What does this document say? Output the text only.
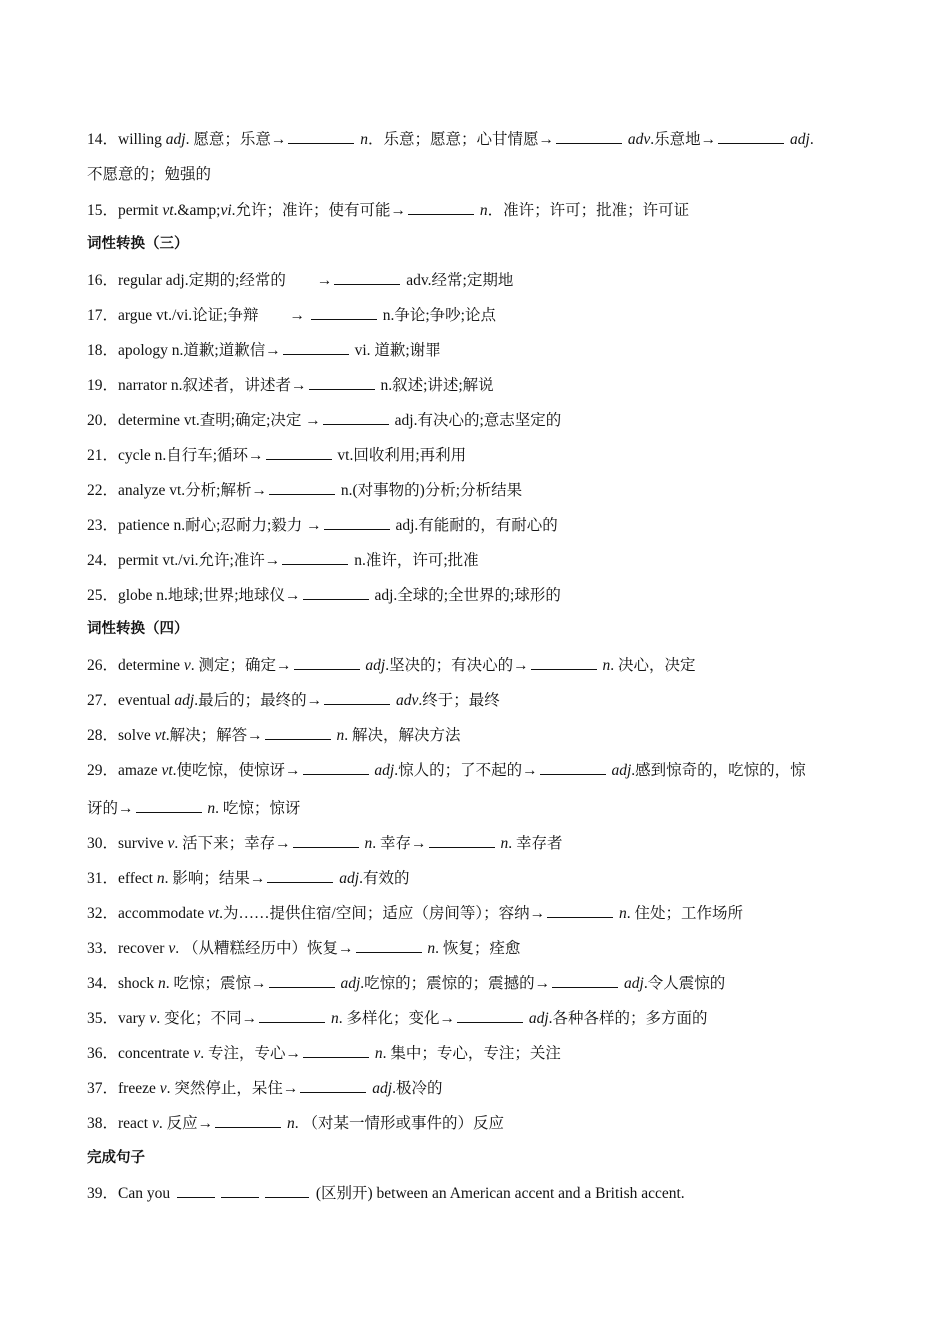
14．willing adj. 愿意；乐意→	n．乐意；愿意；心甘情愿→	adv.乐意地→	adj.
不愿意的；勉强的
15．permit vt.&amp;vi.允许；准许；使有可能→	n．准许；许可；批准；许可证
词性转换（三）
16．regular adj.定期的;经常的　　→	adv.经常;定期地
17．argue vt./vi.论证;争辩　　→	n.争论;争吵;论点
18．apology n.道歉;道歉信→	vi. 道歉;谢罪
19．narrator n.叙述者，讲述者→	n.叙述;讲述;解说
20．determine vt.查明;确定;决定 →	adj.有决心的;意志坚定的
21．cycle n.自行车;循环→	vt.回收利用;再利用
22．analyze vt.分析;解析→	n.(对事物的)分析;分析结果
23．patience n.耐心;忍耐力;毅力 →	adj.有能耐的，有耐心的
24．permit vt./vi.允许;准许→	n.准许，许可;批准
25．globe n.地球;世界;地球仪→	adj.全球的;全世界的;球形的
词性转换（四）
26．determine v. 测定；确定→	adj.坚决的；有决心的→	n. 决心，决定
27．eventual adj.最后的；最终的→	adv.终于；最终
28．solve vt.解决；解答→	n. 解决，解决方法
29．amaze vt.使吃惊，使惊讶→	adj.惊人的；了不起的→	adj.感到惊奇的，吃惊的，惊
讶的→	n. 吃惊；惊讶
30．survive v. 活下来；幸存→	n. 幸存→	n. 幸存者
31．effect n. 影响；结果→	adj.有效的
32．accommodate vt.为……提供住宿/空间；适应（房间等）；容纳→	n. 住处；工作场所
33．recover v. （从糟糕经历中）恢复→	n. 恢复；痊愈
34．shock n. 吃惊；震惊→	adj.吃惊的；震惊的；震撼的→	adj.令人震惊的
35．vary v. 变化；不同→	n. 多样化；变化→	adj.各种各样的；多方面的
36．concentrate v. 专注，专心→	n. 集中；专心，专注；关注
37．freeze v. 突然停止，呆住→	adj.极冷的
38．react v. 反应→	n. （对某一情形或事件的）反应
完成句子
39．Can you	(区别开) between an American accent and a British accent.
